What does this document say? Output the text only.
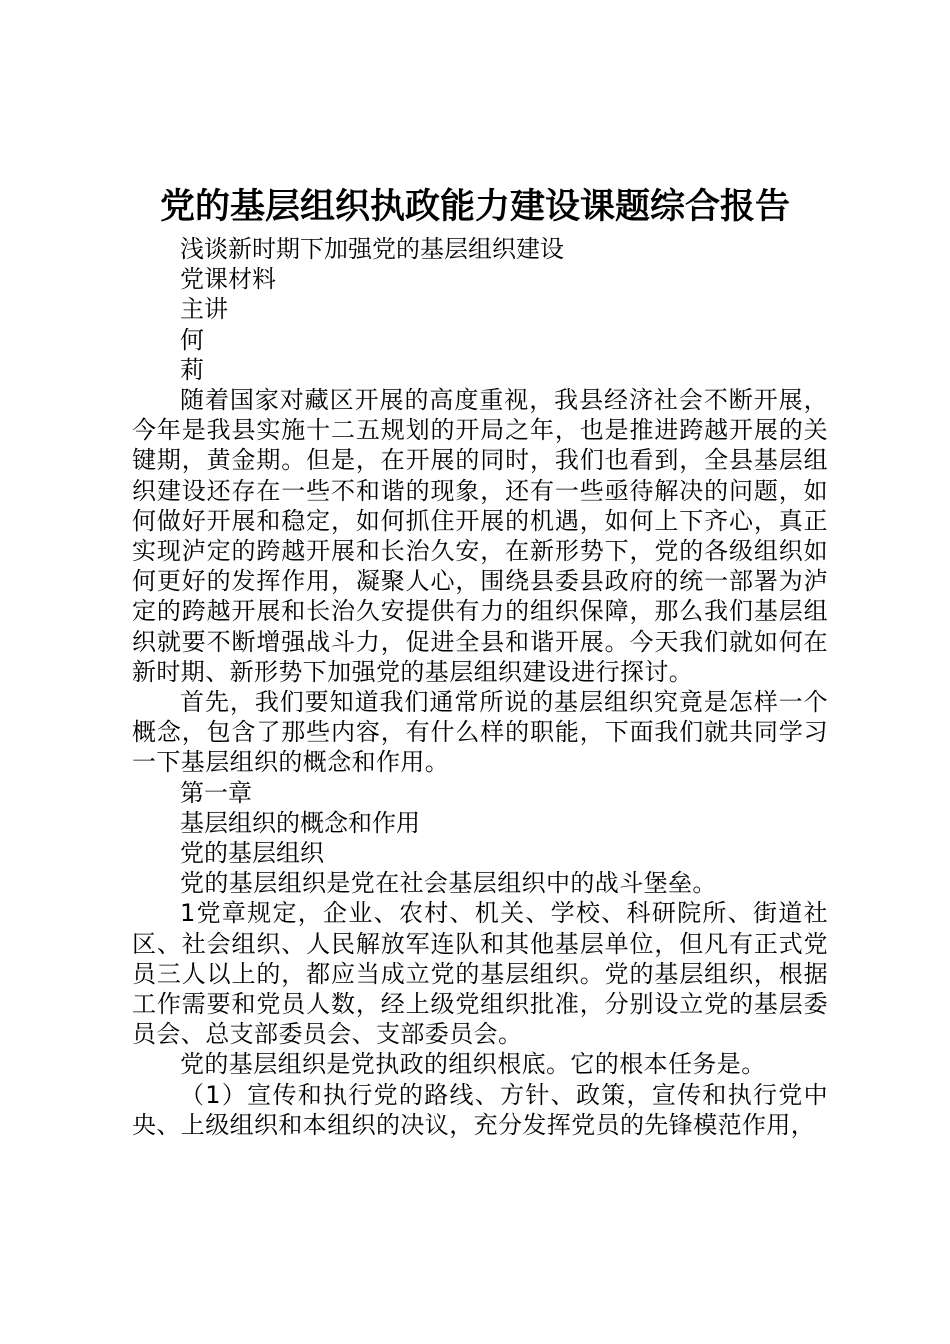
党的基层组织执政能力建设课题综合报告

浅谈新时期下加强党的基层组织建设

党课材料

主讲

何

莉

随着国家对藏区开展的高度重视，我县经济社会不断开展，今年是我县实施十二五规划的开局之年，也是推进跨越开展的关键期，黄金期。但是，在开展的同时，我们也看到，全县基层组织建设还存在一些不和谐的现象，还有一些亟待解决的问题，如何做好开展和稳定，如何抓住开展的机遇，如何上下齐心，真正实现泸定的跨越开展和长治久安，在新形势下，党的各级组织如何更好的发挥作用，凝聚人心，围绕县委县政府的统一部署为泸定的跨越开展和长治久安提供有力的组织保障，那么我们基层组织就要不断增强战斗力，促进全县和谐开展。今天我们就如何在新时期、新形势下加强党的基层组织建设进行探讨。

首先，我们要知道我们通常所说的基层组织究竟是怎样一个概念，包含了那些内容，有什么样的职能，下面我们就共同学习一下基层组织的概念和作用。

第一章

基层组织的概念和作用

党的基层组织

党的基层组织是党在社会基层组织中的战斗堡垒。

1党章规定，企业、农村、机关、学校、科研院所、街道社区、社会组织、人民解放军连队和其他基层单位，但凡有正式党员三人以上的，都应当成立党的基层组织。党的基层组织，根据工作需要和党员人数，经上级党组织批准，分别设立党的基层委员会、总支部委员会、支部委员会。

党的基层组织是党执政的组织根底。它的根本任务是。

（1）宣传和执行党的路线、方针、政策，宣传和执行党中央、上级组织和本组织的决议，充分发挥党员的先锋模范作用，
